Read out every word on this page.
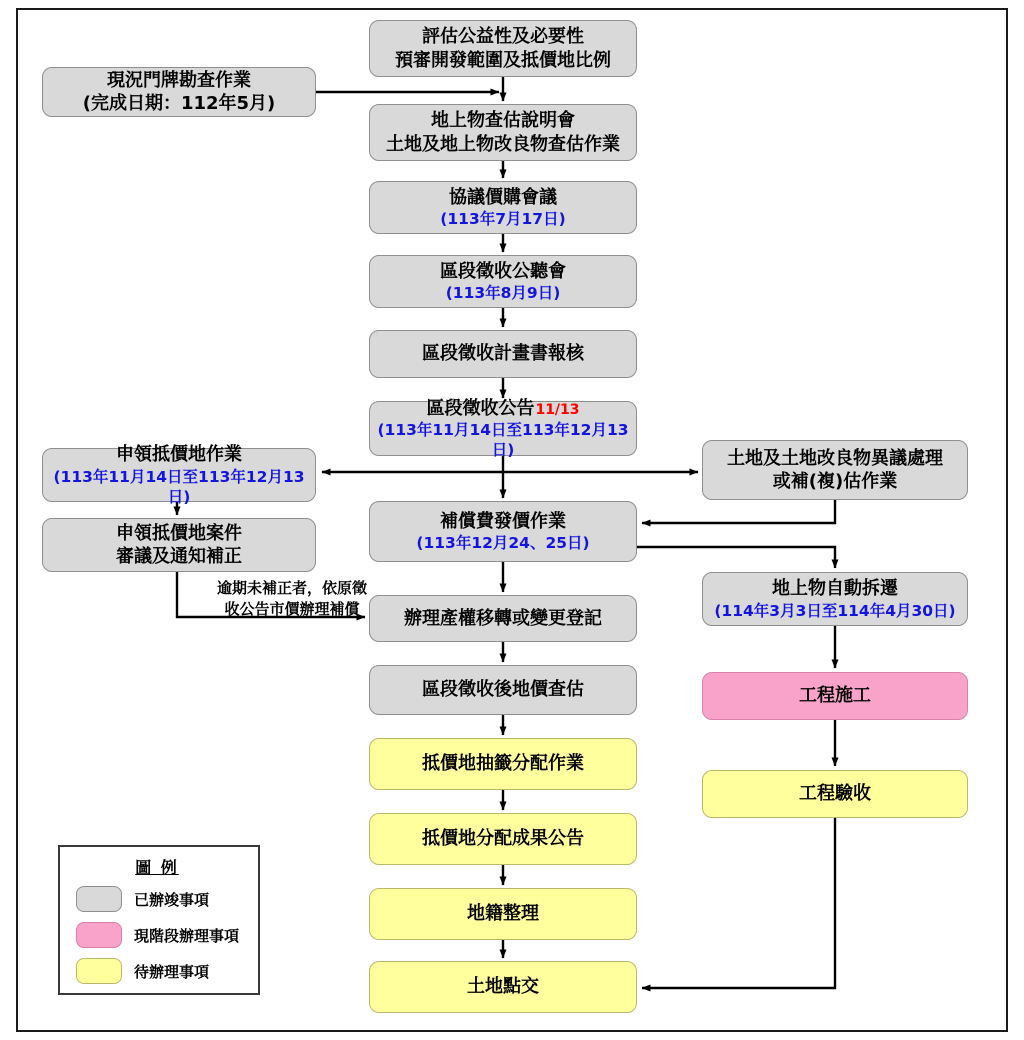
評估公益性及必要性
預審開發範圍及抵價地比例
地上物查估說明會
土地及地上物改良物查估作業
協議價購會議
(113年7月17日)
區段徵收公聽會
(113年8月9日)
區段徵收計畫書報核
區段徵收公告11/13
(113年11月14日至113年12月13日)
補償費發價作業
(113年12月24、25日)
辦理產權移轉或變更登記
區段徵收後地價查估
抵價地抽籤分配作業
抵價地分配成果公告
地籍整理
土地點交
現況門牌勘查作業
(完成日期：112年5月)
申領抵價地作業
(113年11月14日至113年12月13日)
申領抵價地案件
審議及通知補正
土地及土地改良物異議處理
或補(複)估作業
地上物自動拆遷
(114年3月3日至114年4月30日)
工程施工
工程驗收
逾期未補正者，依原徵
收公告市價辦理補償
圖 例
已辦竣事項
現階段辦理事項
待辦理事項
